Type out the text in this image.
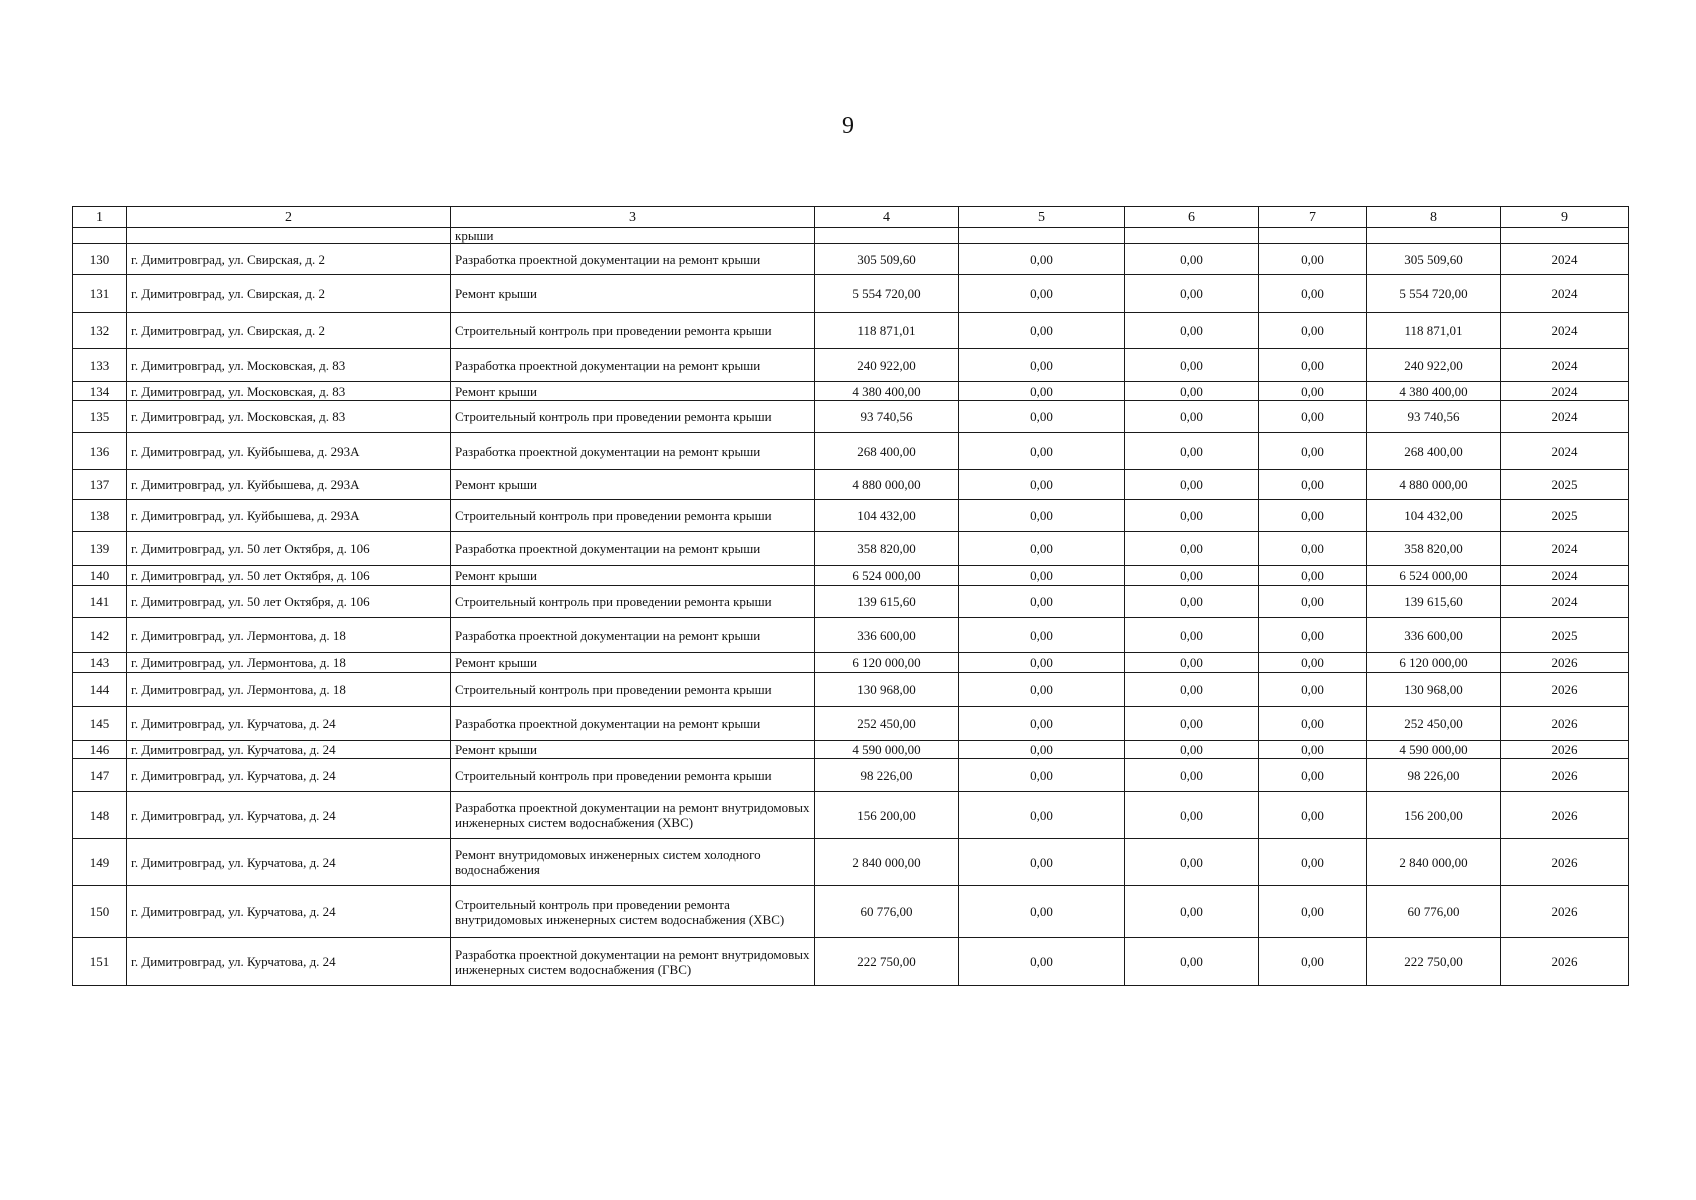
9
1	2	3	4	5	6	7	8	9
		крыши						
130	г. Димитровград, ул. Свирская, д. 2	Разработка проектной документации на ремонт крыши	305 509,60	0,00	0,00	0,00	305 509,60	2024
131	г. Димитровград, ул. Свирская, д. 2	Ремонт крыши	5 554 720,00	0,00	0,00	0,00	5 554 720,00	2024
132	г. Димитровград, ул. Свирская, д. 2	Строительный контроль при проведении ремонта крыши	118 871,01	0,00	0,00	0,00	118 871,01	2024
133	г. Димитровград, ул. Московская, д. 83	Разработка проектной документации на ремонт крыши	240 922,00	0,00	0,00	0,00	240 922,00	2024
134	г. Димитровград, ул. Московская, д. 83	Ремонт крыши	4 380 400,00	0,00	0,00	0,00	4 380 400,00	2024
135	г. Димитровград, ул. Московская, д. 83	Строительный контроль при проведении ремонта крыши	93 740,56	0,00	0,00	0,00	93 740,56	2024
136	г. Димитровград, ул. Куйбышева, д. 293А	Разработка проектной документации на ремонт крыши	268 400,00	0,00	0,00	0,00	268 400,00	2024
137	г. Димитровград, ул. Куйбышева, д. 293А	Ремонт крыши	4 880 000,00	0,00	0,00	0,00	4 880 000,00	2025
138	г. Димитровград, ул. Куйбышева, д. 293А	Строительный контроль при проведении ремонта крыши	104 432,00	0,00	0,00	0,00	104 432,00	2025
139	г. Димитровград, ул. 50 лет Октября, д. 106	Разработка проектной документации на ремонт крыши	358 820,00	0,00	0,00	0,00	358 820,00	2024
140	г. Димитровград, ул. 50 лет Октября, д. 106	Ремонт крыши	6 524 000,00	0,00	0,00	0,00	6 524 000,00	2024
141	г. Димитровград, ул. 50 лет Октября, д. 106	Строительный контроль при проведении ремонта крыши	139 615,60	0,00	0,00	0,00	139 615,60	2024
142	г. Димитровград, ул. Лермонтова, д. 18	Разработка проектной документации на ремонт крыши	336 600,00	0,00	0,00	0,00	336 600,00	2025
143	г. Димитровград, ул. Лермонтова, д. 18	Ремонт крыши	6 120 000,00	0,00	0,00	0,00	6 120 000,00	2026
144	г. Димитровград, ул. Лермонтова, д. 18	Строительный контроль при проведении ремонта крыши	130 968,00	0,00	0,00	0,00	130 968,00	2026
145	г. Димитровград, ул. Курчатова, д. 24	Разработка проектной документации на ремонт крыши	252 450,00	0,00	0,00	0,00	252 450,00	2026
146	г. Димитровград, ул. Курчатова, д. 24	Ремонт крыши	4 590 000,00	0,00	0,00	0,00	4 590 000,00	2026
147	г. Димитровград, ул. Курчатова, д. 24	Строительный контроль при проведении ремонта крыши	98 226,00	0,00	0,00	0,00	98 226,00	2026
148	г. Димитровград, ул. Курчатова, д. 24	Разработка проектной документации на ремонт внутридомовых инженерных систем водоснабжения (ХВС)	156 200,00	0,00	0,00	0,00	156 200,00	2026
149	г. Димитровград, ул. Курчатова, д. 24	Ремонт внутридомовых инженерных систем холодного водоснабжения	2 840 000,00	0,00	0,00	0,00	2 840 000,00	2026
150	г. Димитровград, ул. Курчатова, д. 24	Строительный контроль при проведении ремонта внутридомовых инженерных систем водоснабжения (ХВС)	60 776,00	0,00	0,00	0,00	60 776,00	2026
151	г. Димитровград, ул. Курчатова, д. 24	Разработка проектной документации на ремонт внутридомовых инженерных систем водоснабжения (ГВС)	222 750,00	0,00	0,00	0,00	222 750,00	2026
